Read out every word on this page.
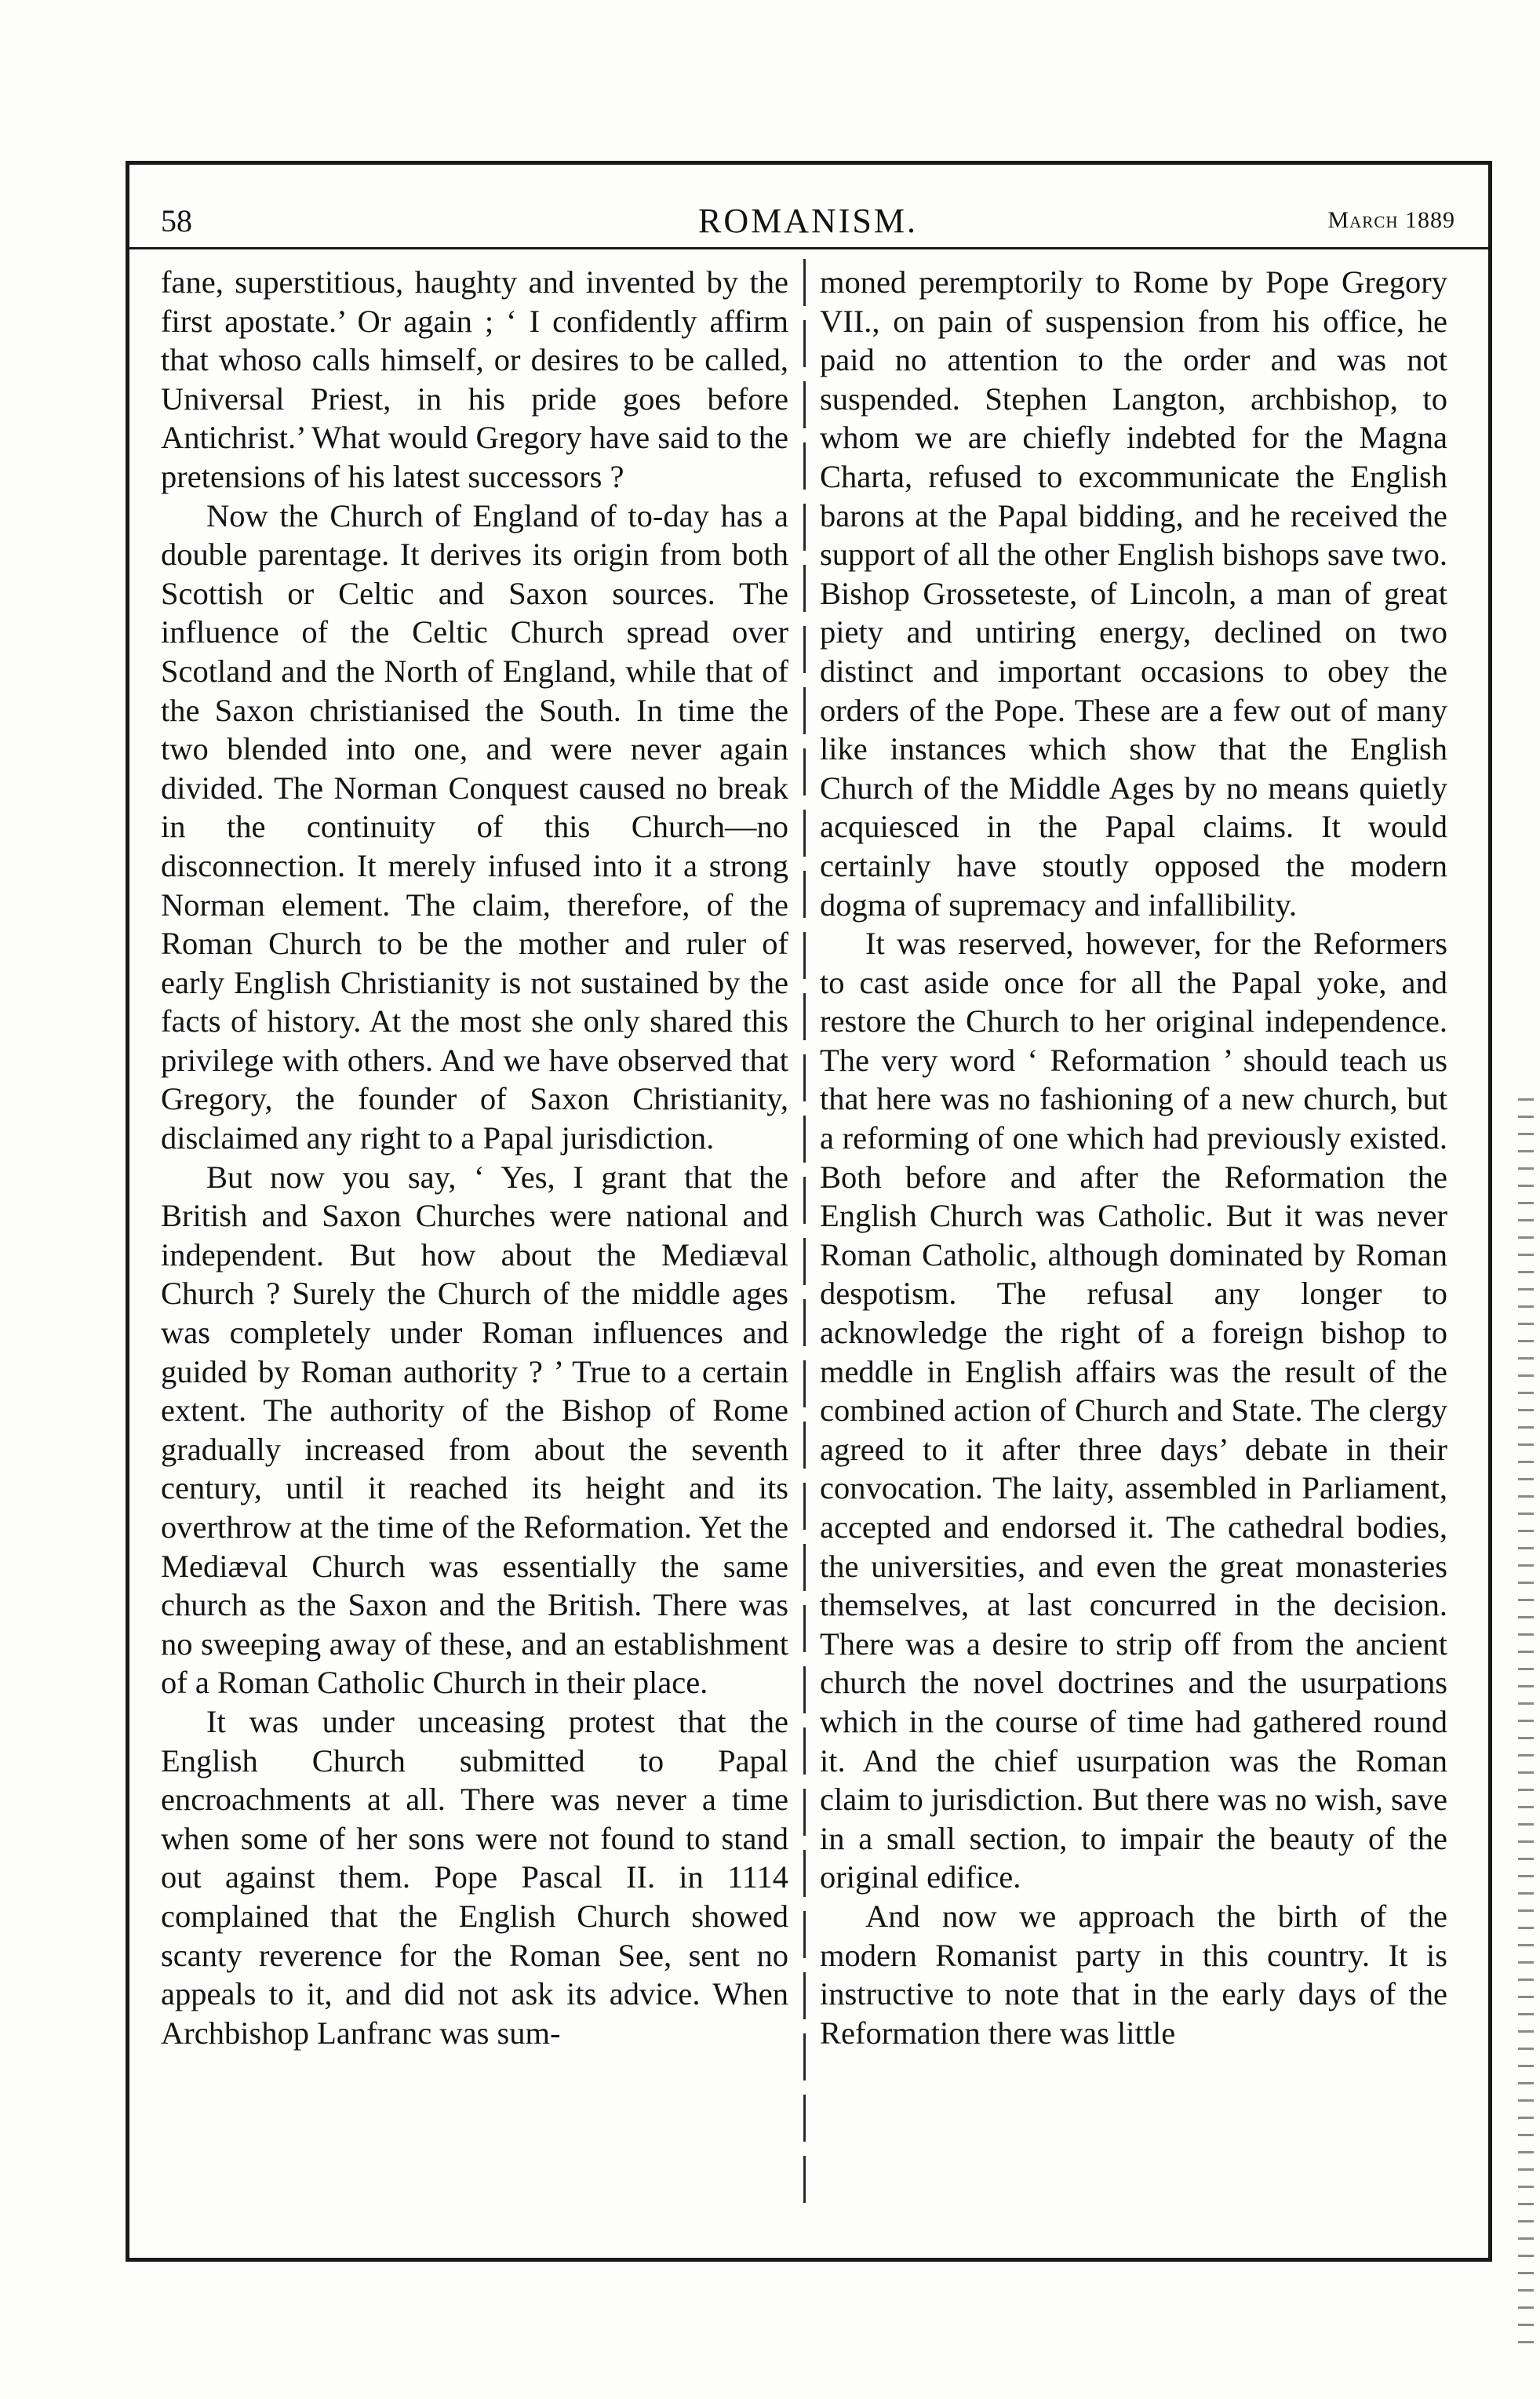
58	ROMANISM.	March 1889

fane, superstitious, haughty and invented by the first apostate.’ Or again ; ‘ I confidently affirm that whoso calls himself, or desires to be called, Universal Priest, in his pride goes before Antichrist.’ What would Gregory have said to the pretensions of his latest successors ?

Now the Church of England of to-day has a double parentage. It derives its origin from both Scottish or Celtic and Saxon sources. The influence of the Celtic Church spread over Scotland and the North of England, while that of the Saxon christianised the South. In time the two blended into one, and were never again divided. The Norman Conquest caused no break in the continuity of this Church—no disconnection. It merely infused into it a strong Norman element. The claim, therefore, of the Roman Church to be the mother and ruler of early English Christianity is not sustained by the facts of history. At the most she only shared this privilege with others. And we have observed that Gregory, the founder of Saxon Christianity, disclaimed any right to a Papal jurisdiction.

But now you say, ‘ Yes, I grant that the British and Saxon Churches were national and independent. But how about the Mediæval Church ? Surely the Church of the middle ages was completely under Roman influences and guided by Roman authority ? ’ True to a certain extent. The authority of the Bishop of Rome gradually increased from about the seventh century, until it reached its height and its overthrow at the time of the Reformation. Yet the Mediæval Church was essentially the same church as the Saxon and the British. There was no sweeping away of these, and an establishment of a Roman Catholic Church in their place.

It was under unceasing protest that the English Church submitted to Papal encroachments at all. There was never a time when some of her sons were not found to stand out against them. Pope Pascal II. in 1114 complained that the English Church showed scanty reverence for the Roman See, sent no appeals to it, and did not ask its advice. When Archbishop Lanfranc was sum-

moned peremptorily to Rome by Pope Gregory VII., on pain of suspension from his office, he paid no attention to the order and was not suspended. Stephen Langton, archbishop, to whom we are chiefly indebted for the Magna Charta, refused to excommunicate the English barons at the Papal bidding, and he received the support of all the other English bishops save two. Bishop Grosseteste, of Lincoln, a man of great piety and untiring energy, declined on two distinct and important occasions to obey the orders of the Pope. These are a few out of many like instances which show that the English Church of the Middle Ages by no means quietly acquiesced in the Papal claims. It would certainly have stoutly opposed the modern dogma of supremacy and infallibility.

It was reserved, however, for the Reformers to cast aside once for all the Papal yoke, and restore the Church to her original independence. The very word ‘ Reformation ’ should teach us that here was no fashioning of a new church, but a reforming of one which had previously existed. Both before and after the Reformation the English Church was Catholic. But it was never Roman Catholic, although dominated by Roman despotism. The refusal any longer to acknowledge the right of a foreign bishop to meddle in English affairs was the result of the combined action of Church and State. The clergy agreed to it after three days’ debate in their convocation. The laity, assembled in Parliament, accepted and endorsed it. The cathedral bodies, the universities, and even the great monasteries themselves, at last concurred in the decision. There was a desire to strip off from the ancient church the novel doctrines and the usurpations which in the course of time had gathered round it. And the chief usurpation was the Roman claim to jurisdiction. But there was no wish, save in a small section, to impair the beauty of the original edifice.

And now we approach the birth of the modern Romanist party in this country. It is instructive to note that in the early days of the Reformation there was little
